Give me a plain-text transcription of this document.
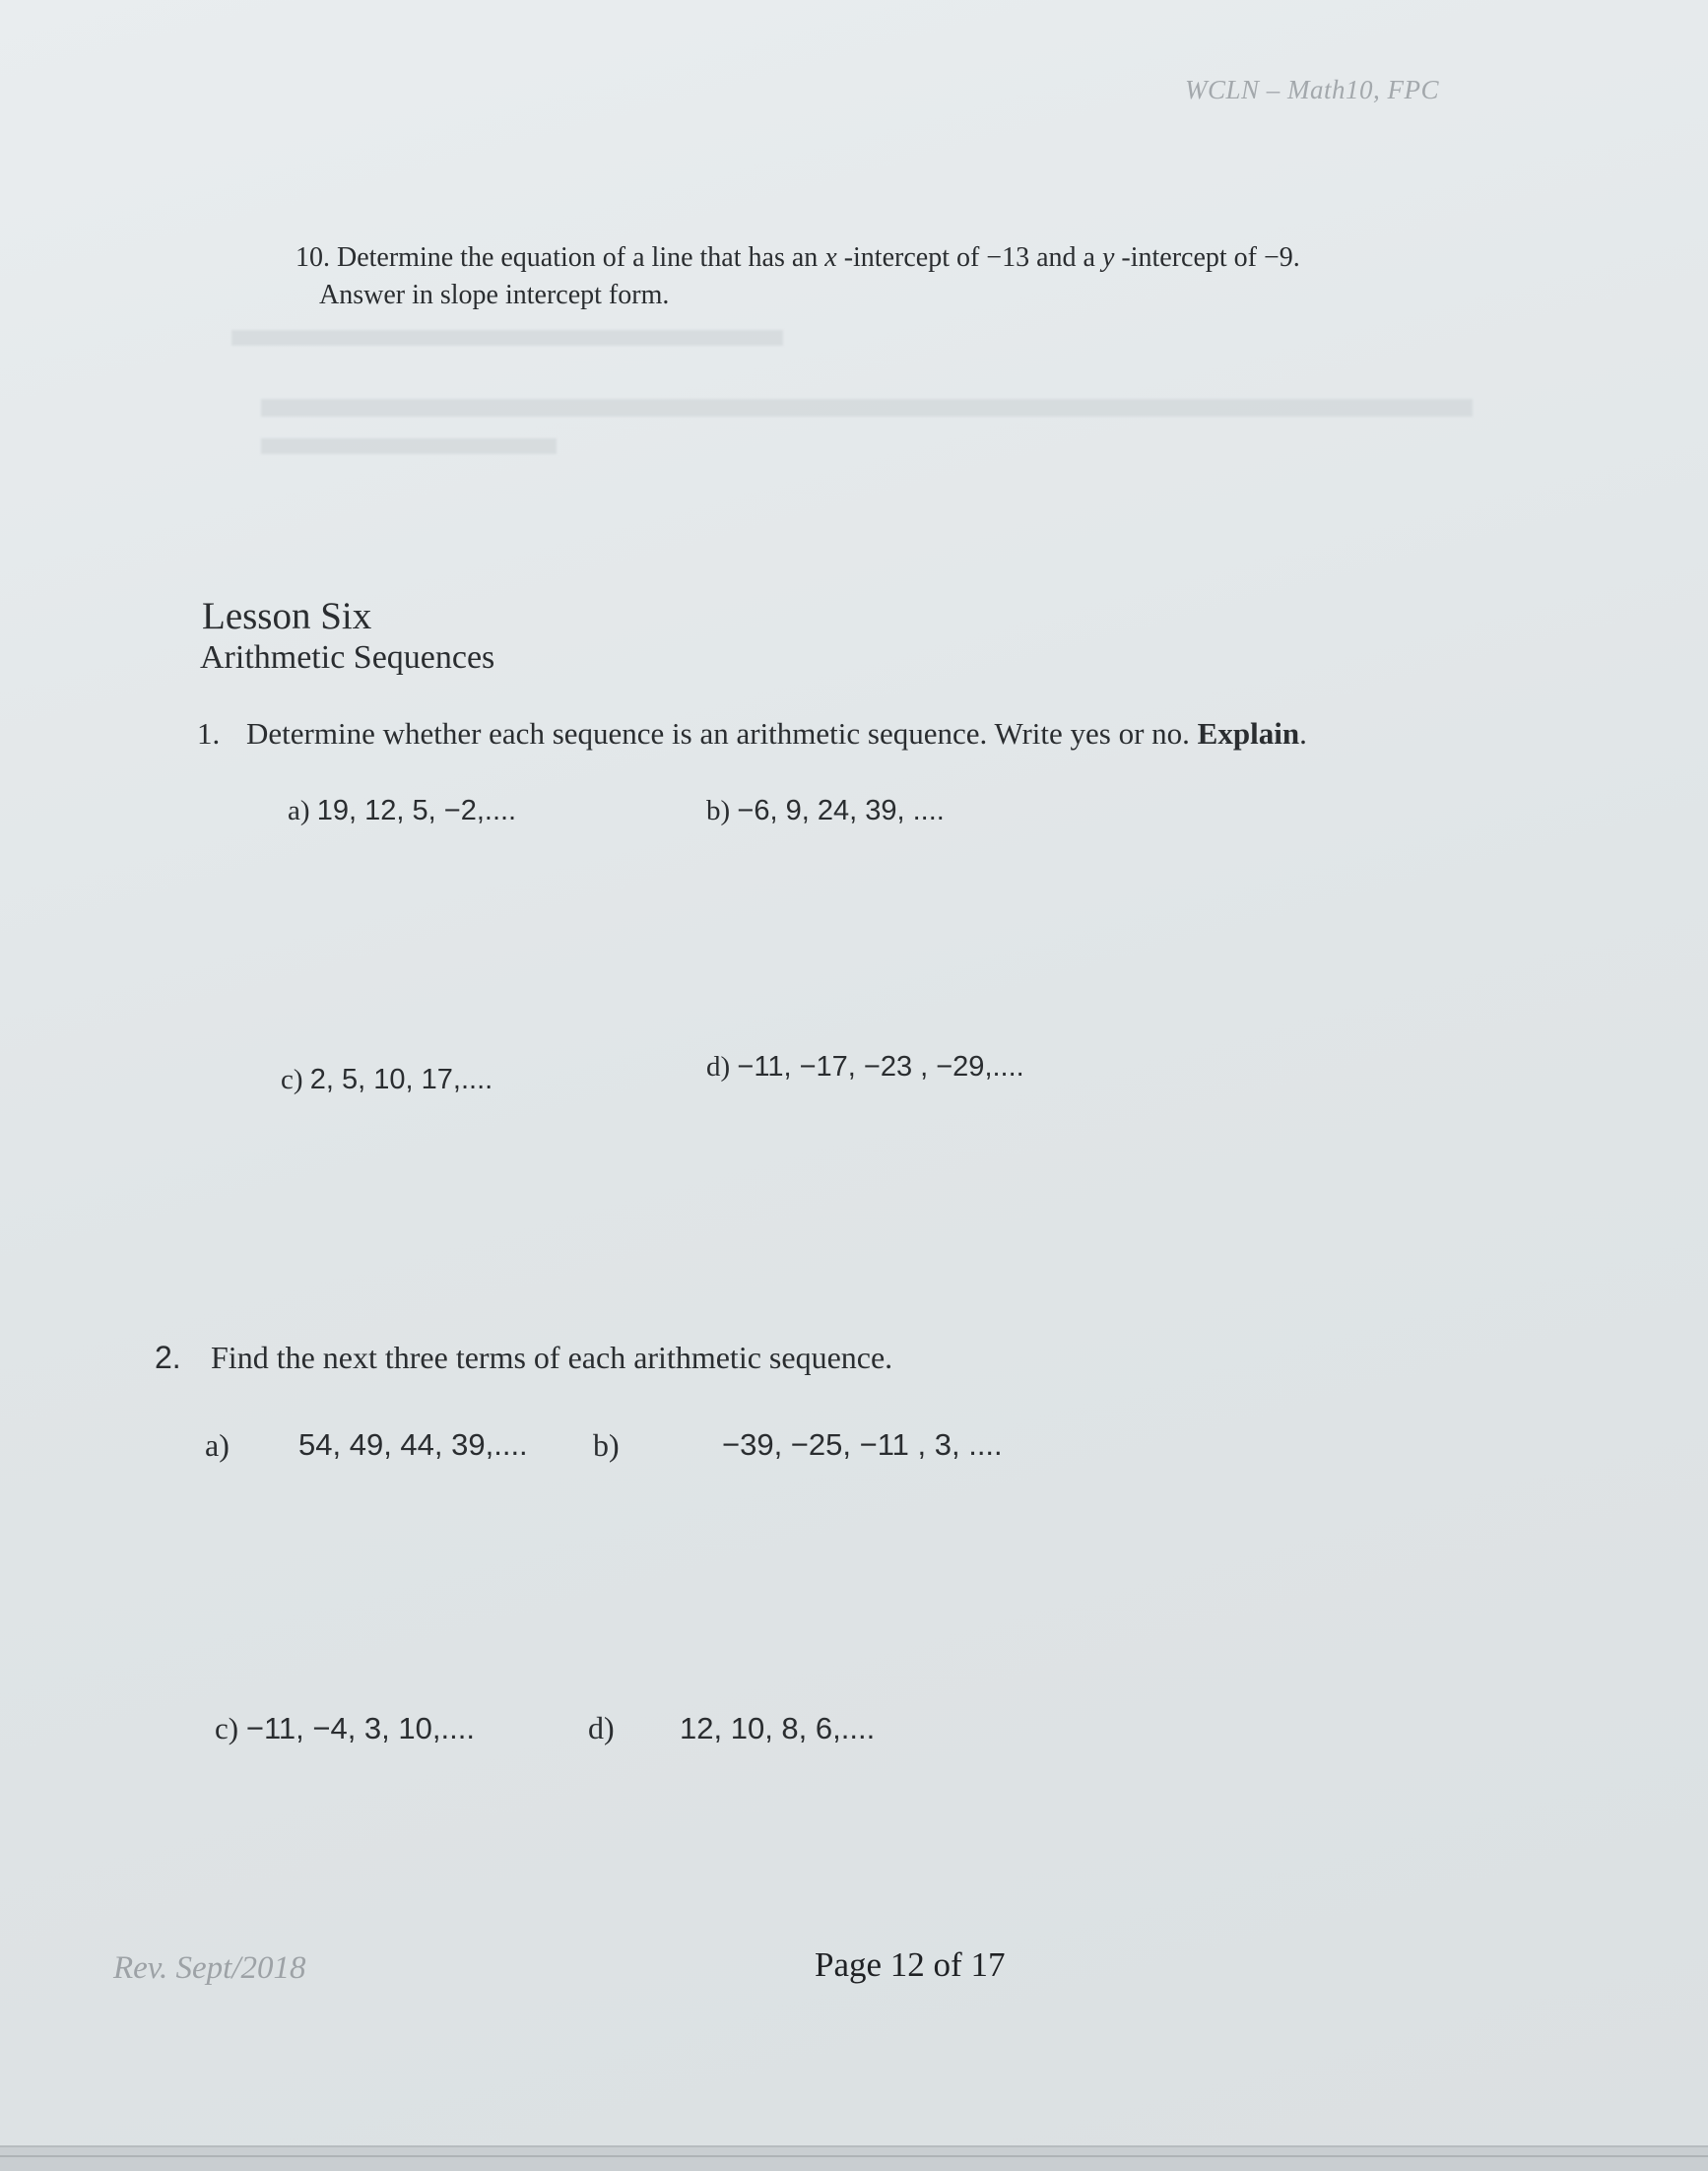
WCLN – Math10, FPC
10. Determine the equation of a line that has an x -intercept of −13 and a y -intercept of −9.
Answer in slope intercept form.
Lesson Six
Arithmetic Sequences
1. Determine whether each sequence is an arithmetic sequence. Write yes or no. Explain.
a) 19, 12, 5, −2,....	b) −6, 9, 24, 39, ....
c) 2, 5, 10, 17,....	d) −11, −17, −23 , −29,....
2. Find the next three terms of each arithmetic sequence.
a) 54, 49, 44, 39,.... b)	−39, −25, −11 , 3, ....
c) −11, −4, 3, 10,....	d) 12, 10, 8, 6,....
Rev. Sept/2018	Page 12 of 17
